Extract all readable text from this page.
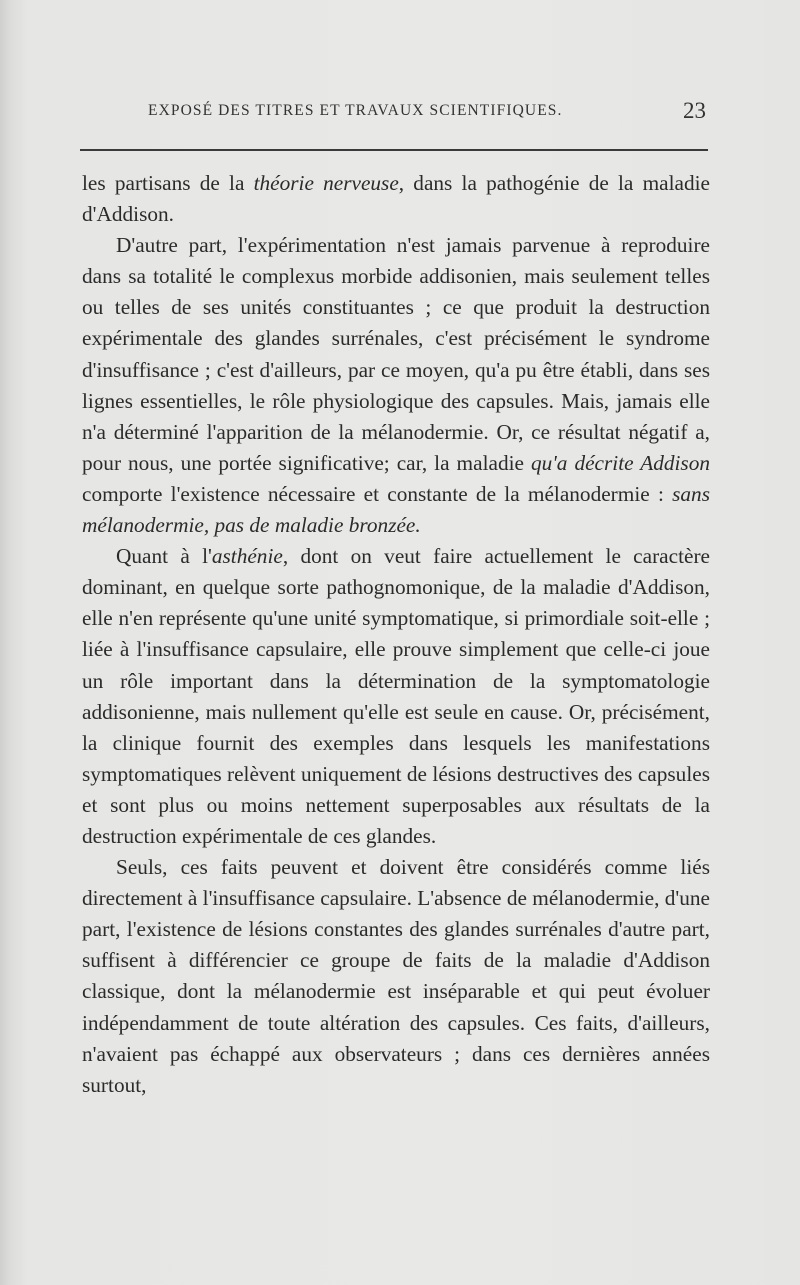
EXPOSÉ DES TITRES ET TRAVAUX SCIENTIFIQUES.	23

les partisans de la théorie nerveuse, dans la pathogénie de la maladie d'Addison.

D'autre part, l'expérimentation n'est jamais parvenue à reproduire dans sa totalité le complexus morbide addisonien, mais seulement telles ou telles de ses unités constituantes ; ce que produit la destruction expérimentale des glandes surrénales, c'est précisément le syndrome d'insuffisance ; c'est d'ailleurs, par ce moyen, qu'a pu être établi, dans ses lignes essentielles, le rôle physiologique des capsules. Mais, jamais elle n'a déterminé l'apparition de la mélanodermie. Or, ce résultat négatif a, pour nous, une portée significative; car, la maladie qu'a décrite Addison comporte l'existence nécessaire et constante de la mélanodermie : sans mélanodermie, pas de maladie bronzée.

Quant à l'asthénie, dont on veut faire actuellement le caractère dominant, en quelque sorte pathognomonique, de la maladie d'Addison, elle n'en représente qu'une unité symptomatique, si primordiale soit-elle ; liée à l'insuffisance capsulaire, elle prouve simplement que celle-ci joue un rôle important dans la détermination de la symptomatologie addisonienne, mais nullement qu'elle est seule en cause. Or, précisément, la clinique fournit des exemples dans lesquels les manifestations symptomatiques relèvent uniquement de lésions destructives des capsules et sont plus ou moins nettement superposables aux résultats de la destruction expérimentale de ces glandes.

Seuls, ces faits peuvent et doivent être considérés comme liés directement à l'insuffisance capsulaire. L'absence de mélanodermie, d'une part, l'existence de lésions constantes des glandes surrénales d'autre part, suffisent à différencier ce groupe de faits de la maladie d'Addison classique, dont la mélanodermie est inséparable et qui peut évoluer indépendamment de toute altération des capsules. Ces faits, d'ailleurs, n'avaient pas échappé aux observateurs ; dans ces dernières années surtout,
